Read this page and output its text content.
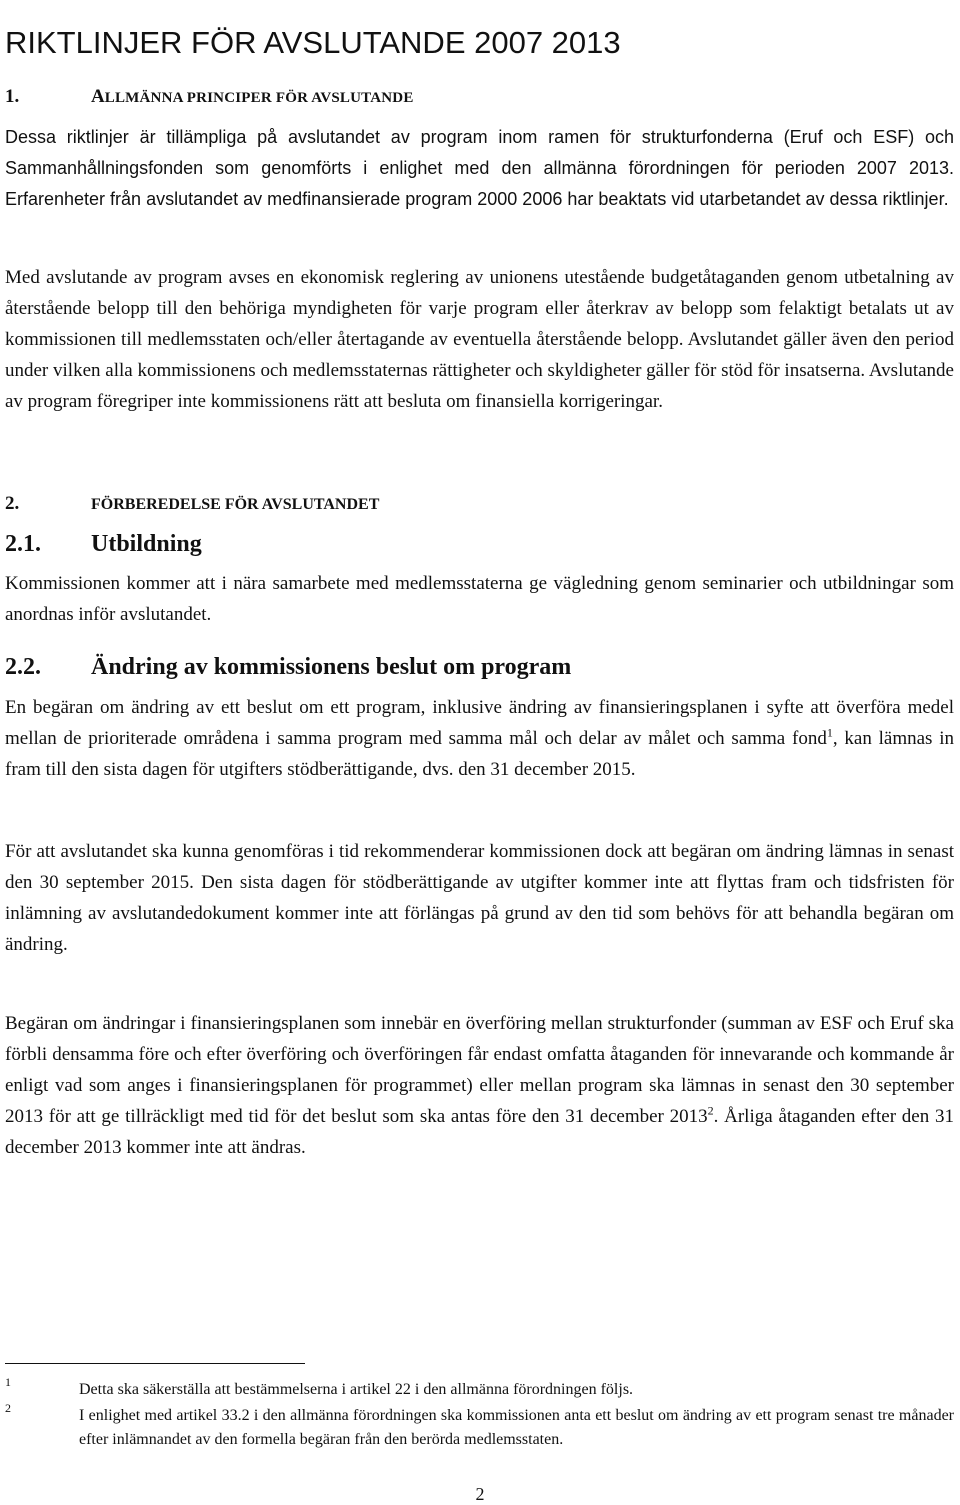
RIKTLINJER FÖR AVSLUTANDE 2007 2013
1.	ALLMÄNNA PRINCIPER FÖR AVSLUTANDE

Dessa riktlinjer är tillämpliga på avslutandet av program inom ramen för strukturfonderna (Eruf och ESF) och Sammanhållningsfonden som genomförts i enlighet med den allmänna förordningen för perioden 2007 2013. Erfarenheter från avslutandet av medfinansierade program 2000 2006 har beaktats vid utarbetandet av dessa riktlinjer.

Med avslutande av program avses en ekonomisk reglering av unionens utestående budgetåtaganden genom utbetalning av återstående belopp till den behöriga myndigheten för varje program eller återkrav av belopp som felaktigt betalats ut av kommissionen till medlemsstaten och/eller återtagande av eventuella återstående belopp. Avslutandet gäller även den period under vilken alla kommissionens och medlemsstaternas rättigheter och skyldigheter gäller för stöd för insatserna. Avslutande av program föregriper inte kommissionens rätt att besluta om finansiella korrigeringar.

2.	FÖRBEREDELSE FÖR AVSLUTANDET
2.1. Utbildning

Kommissionen kommer att i nära samarbete med medlemsstaterna ge vägledning genom seminarier och utbildningar som anordnas inför avslutandet.

2.2. Ändring av kommissionens beslut om program

En begäran om ändring av ett beslut om ett program, inklusive ändring av finansieringsplanen i syfte att överföra medel mellan de prioriterade områdena i samma program med samma mål och delar av målet och samma fond$^1$, kan lämnas in fram till den sista dagen för utgifters stödberättigande, dvs. den 31 december 2015.

För att avslutandet ska kunna genomföras i tid rekommenderar kommissionen dock att begäran om ändring lämnas in senast den 30 september 2015. Den sista dagen för stödberättigande av utgifter kommer inte att flyttas fram och tidsfristen för inlämning av avslutandedokument kommer inte att förlängas på grund av den tid som behövs för att behandla begäran om ändring.

Begäran om ändringar i finansieringsplanen som innebär en överföring mellan strukturfonder (summan av ESF och Eruf ska förbli densamma före och efter överföring och överföringen får endast omfatta åtaganden för innevarande och kommande år enligt vad som anges i finansieringsplanen för programmet) eller mellan program ska lämnas in senast den 30 september 2013 för att ge tillräckligt med tid för det beslut som ska antas före den 31 december 2013$^2$. Årliga åtaganden efter den 31 december 2013 kommer inte att ändras.

1	Detta ska säkerställa att bestämmelserna i artikel 22 i den allmänna förordningen följs.
2	I enlighet med artikel 33.2 i den allmänna förordningen ska kommissionen anta ett beslut om ändring av ett program senast tre månader efter inlämnandet av den formella begäran från den berörda medlemsstaten.
2
